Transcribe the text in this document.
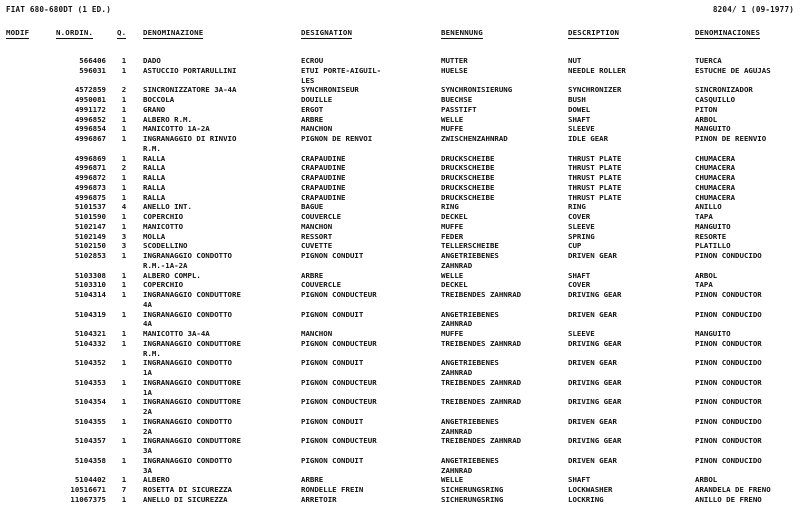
FIAT 680-680DT (1 ED.)	8204/ 1 (09-1977)
MODIF	N.ORDIN.	Q. DENOMINAZIONE	DESIGNATION	BENENNUNG	DESCRIPTION	DENOMINACIONES
566406	1	DADO	ECROU	MUTTER	NUT	TUERCA
596031	1	ASTUCCIO PORTARULLINI	ETUI PORTE-AIGUIL-	HUELSE	NEEDLE ROLLER	ESTUCHE DE AGUJAS
LES
4572859	2	SINCRONIZZATORE 3A-4A	SYNCHRONISEUR	SYNCHRONISIERUNG	SYNCHRONIZER	SINCRONIZADOR
4950081	1	BOCCOLA	DOUILLE	BUECHSE	BUSH	CASQUILLO
4991172	1	GRANO	ERGOT	PASSTIFT	DOWEL	PITON
4996852	1	ALBERO R.M.	ARBRE	WELLE	SHAFT	ARBOL
4996854	1	MANICOTTO 1A-2A	MANCHON	MUFFE	SLEEVE	MANGUITO
4996867	1	INGRANAGGIO DI RINVIO	PIGNON DE RENVOI	ZWISCHENZAHNRAD	IDLE GEAR	PINON DE REENVIO
R.M.
4996869	1	RALLA	CRAPAUDINE	DRUCKSCHEIBE	THRUST PLATE	CHUMACERA
4996871	2	RALLA	CRAPAUDINE	DRUCKSCHEIBE	THRUST PLATE	CHUMACERA
4996872	1	RALLA	CRAPAUDINE	DRUCKSCHEIBE	THRUST PLATE	CHUMACERA
4996873	1	RALLA	CRAPAUDINE	DRUCKSCHEIBE	THRUST PLATE	CHUMACERA
4996875	1	RALLA	CRAPAUDINE	DRUCKSCHEIBE	THRUST PLATE	CHUMACERA
5101537	4	ANELLO INT.	BAGUE	RING	RING	ANILLO
5101590	1	COPERCHIO	COUVERCLE	DECKEL	COVER	TAPA
5102147	1	MANICOTTO	MANCHON	MUFFE	SLEEVE	MANGUITO
5102149	3	MOLLA	RESSORT	FEDER	SPRING	RESORTE
5102150	3	SCODELLINO	CUVETTE	TELLERSCHEIBE	CUP	PLATILLO
5102853	1	INGRANAGGIO CONDOTTO	PIGNON CONDUIT	ANGETRIEBENES	DRIVEN GEAR	PINON CONDUCIDO
R.M.-1A-2A	ZAHNRAD
5103308	1	ALBERO COMPL.	ARBRE	WELLE	SHAFT	ARBOL
5103310	1	COPERCHIO	COUVERCLE	DECKEL	COVER	TAPA
5104314	1	INGRANAGGIO CONDUTTORE	PIGNON CONDUCTEUR	TREIBENDES ZAHNRAD	DRIVING GEAR	PINON CONDUCTOR
4A
5104319	1	INGRANAGGIO CONDOTTO	PIGNON CONDUIT	ANGETRIEBENES	DRIVEN GEAR	PINON CONDUCIDO
4A	ZAHNRAD
5104321	1	MANICOTTO 3A-4A	MANCHON	MUFFE	SLEEVE	MANGUITO
5104332	1	INGRANAGGIO CONDUTTORE	PIGNON CONDUCTEUR	TREIBENDES ZAHNRAD	DRIVING GEAR	PINON CONDUCTOR
R.M.
5104352	1	INGRANAGGIO CONDOTTO	PIGNON CONDUIT	ANGETRIEBENES	DRIVEN GEAR	PINON CONDUCIDO
1A	ZAHNRAD
5104353	1	INGRANAGGIO CONDUTTORE	PIGNON CONDUCTEUR	TREIBENDES ZAHNRAD	DRIVING GEAR	PINON CONDUCTOR
1A
5104354	1	INGRANAGGIO CONDUTTORE	PIGNON CONDUCTEUR	TREIBENDES ZAHNRAD	DRIVING GEAR	PINON CONDUCTOR
2A
5104355	1	INGRANAGGIO CONDOTTO	PIGNON CONDUIT	ANGETRIEBENES	DRIVEN GEAR	PINON CONDUCIDO
2A	ZAHNRAD
5104357	1	INGRANAGGIO CONDUTTORE	PIGNON CONDUCTEUR	TREIBENDES ZAHNRAD	DRIVING GEAR	PINON CONDUCTOR
3A
5104358	1	INGRANAGGIO CONDOTTO	PIGNON CONDUIT	ANGETRIEBENES	DRIVEN GEAR	PINON CONDUCIDO
3A	ZAHNRAD
5104402	1	ALBERO	ARBRE	WELLE	SHAFT	ARBOL
10516671	7	ROSETTA DI SICUREZZA	RONDELLE FREIN	SICHERUNGSRING	LOCKWASHER	ARANDELA DE FRENO
11067375	1	ANELLO DI SICUREZZA	ARRETOIR	SICHERUNGSRING	LOCKRING	ANILLO DE FRENO
